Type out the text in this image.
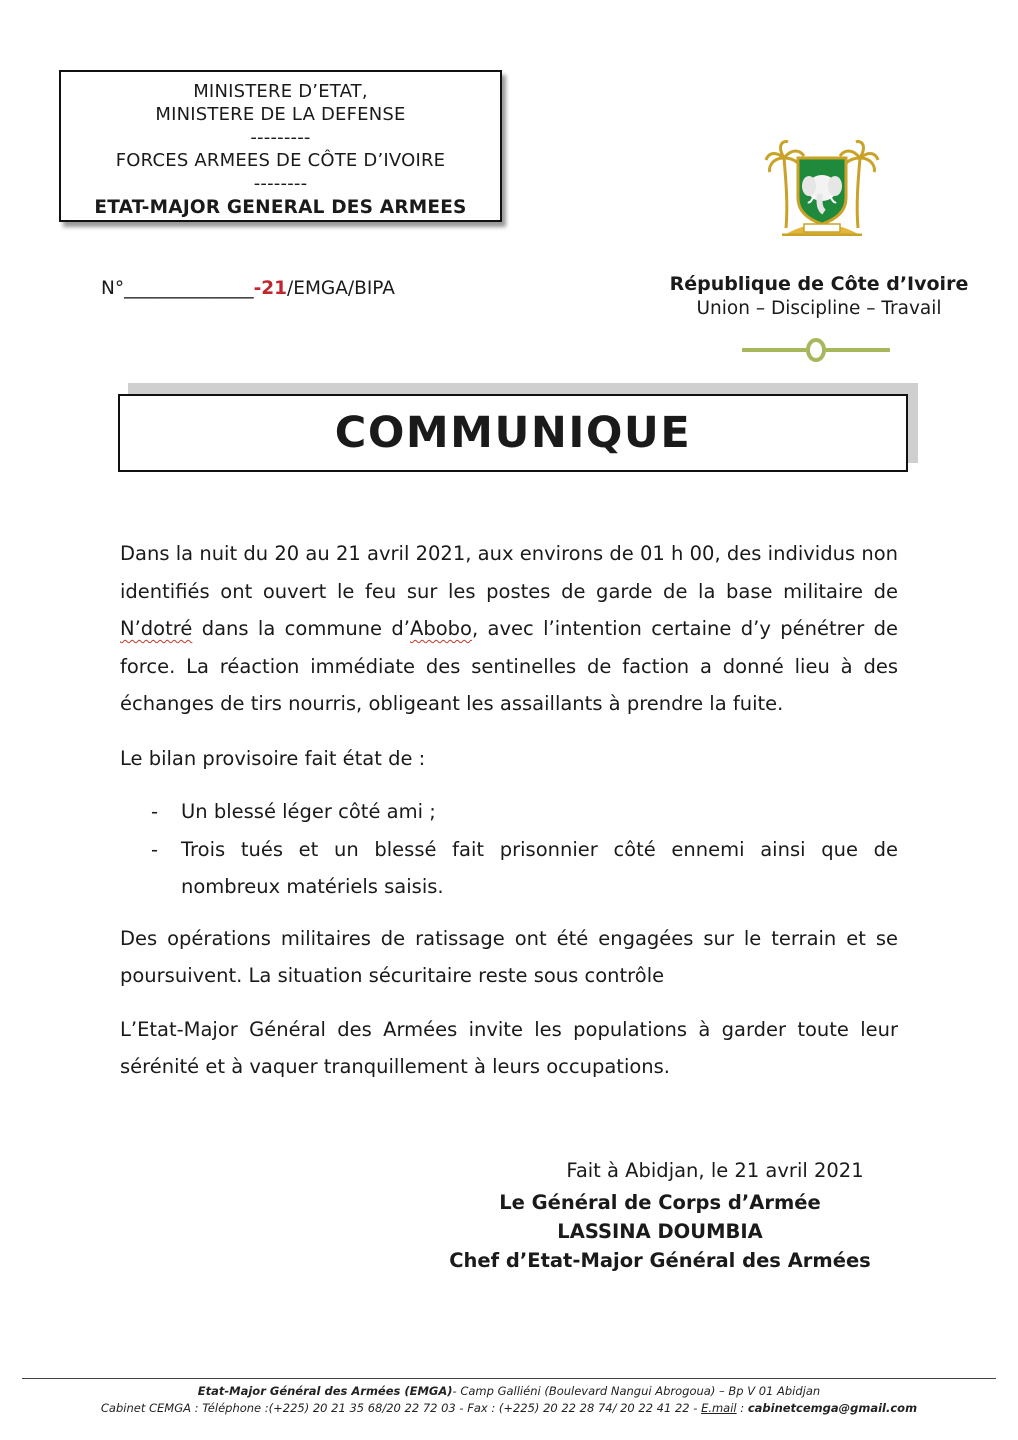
MINISTERE D’ETAT,
MINISTERE DE LA DEFENSE
---------
FORCES ARMEES DE CÔTE D’IVOIRE
--------
ETAT-MAJOR GENERAL DES ARMEES
N°______________-21/EMGA/BIPA	République de Côte d’Ivoire
Union – Discipline – Travail
COMMUNIQUE

Dans la nuit du 20 au 21 avril 2021, aux environs de 01 h 00, des individus non identifiés ont ouvert le feu sur les postes de garde de la base militaire de N’dotré dans la commune d’Abobo, avec l’intention certaine d’y pénétrer de force. La réaction immédiate des sentinelles de faction a donné lieu à des échanges de tirs nourris, obligeant les assaillants à prendre la fuite.

Le bilan provisoire fait état de :

- Un blessé léger côté ami ;
- Trois tués et un blessé fait prisonnier côté ennemi ainsi que de nombreux matériels saisis.

Des opérations militaires de ratissage ont été engagées sur le terrain et se poursuivent. La situation sécuritaire reste sous contrôle

L’Etat-Major Général des Armées invite les populations à garder toute leur sérénité et à vaquer tranquillement à leurs occupations.

Fait à Abidjan, le 21 avril 2021
Le Général de Corps d’Armée
LASSINA DOUMBIA
Chef d’Etat-Major Général des Armées
Etat-Major Général des Armées (EMGA)- Camp Galliéni (Boulevard Nangui Abrogoua) – Bp V 01 Abidjan
Cabinet CEMGA : Téléphone :(+225) 20 21 35 68/20 22 72 03 - Fax : (+225) 20 22 28 74/ 20 22 41 22 - E.mail : cabinetcemga@gmail.com
